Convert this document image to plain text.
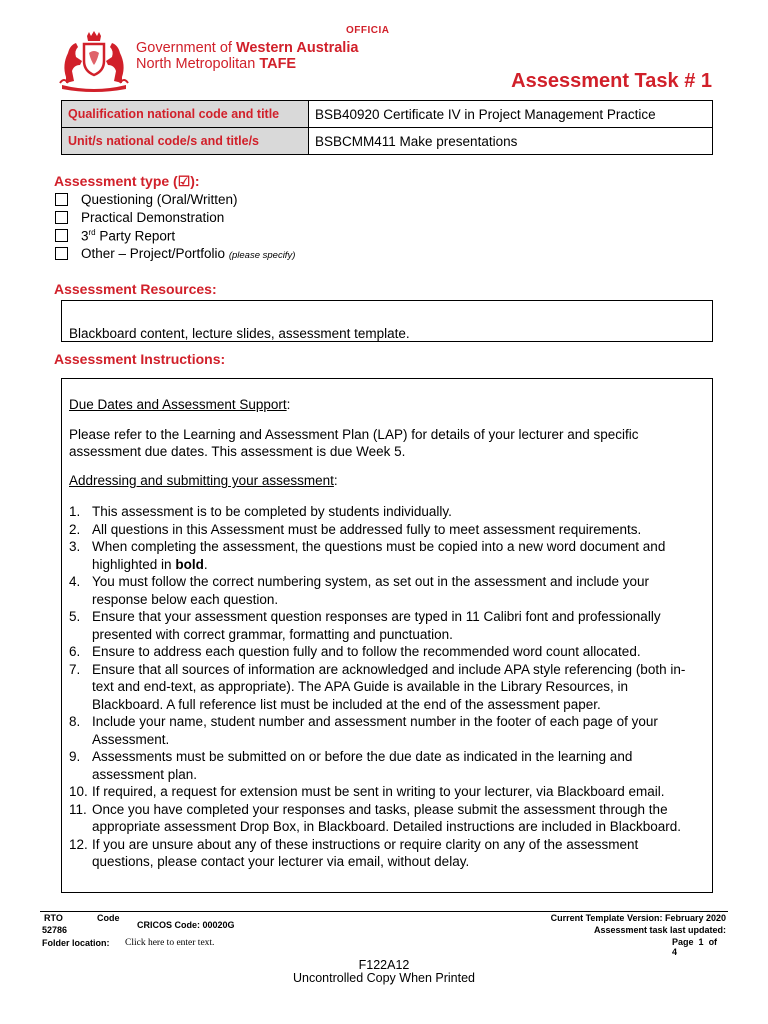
OFFICIA
Government of Western Australia
North Metropolitan TAFE
Assessment Task # 1
Qualification national code and title	BSB40920 Certificate IV in Project Management Practice
Unit/s national code/s and title/s	BSBCMM411 Make presentations
Assessment type (☑):
Questioning (Oral/Written)
Practical Demonstration
3rd Party Report
Other – Project/Portfolio (please specify)
Assessment Resources:
Blackboard content, lecture slides, assessment template.
Assessment Instructions:
Due Dates and Assessment Support:
Please refer to the Learning and Assessment Plan (LAP) for details of your lecturer and specific assessment due dates. This assessment is due Week 5.
Addressing and submitting your assessment:
1. This assessment is to be completed by students individually.
2. All questions in this Assessment must be addressed fully to meet assessment requirements.
3. When completing the assessment, the questions must be copied into a new word document and highlighted in bold.
4. You must follow the correct numbering system, as set out in the assessment and include your response below each question.
5. Ensure that your assessment question responses are typed in 11 Calibri font and professionally presented with correct grammar, formatting and punctuation.
6. Ensure to address each question fully and to follow the recommended word count allocated.
7. Ensure that all sources of information are acknowledged and include APA style referencing (both in-text and end-text, as appropriate). The APA Guide is available in the Library Resources, in Blackboard. A full reference list must be included at the end of the assessment paper.
8. Include your name, student number and assessment number in the footer of each page of your Assessment.
9. Assessments must be submitted on or before the due date as indicated in the learning and assessment plan.
10. If required, a request for extension must be sent in writing to your lecturer, via Blackboard email.
11. Once you have completed your responses and tasks, please submit the assessment through the appropriate assessment Drop Box, in Blackboard. Detailed instructions are included in Blackboard.
12. If you are unsure about any of these instructions or require clarity on any of the assessment questions, please contact your lecturer via email, without delay.
RTO	Code
52786	CRICOS Code: 00020G
Folder location: Click here to enter text.
Current Template Version: February 2020
Assessment task last updated:
Page 1 of
4
F122A12
Uncontrolled Copy When Printed
